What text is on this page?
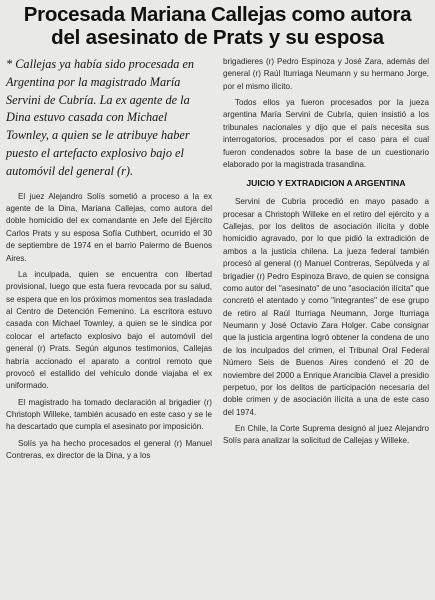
Procesada Mariana Callejas como autora
del asesinato de Prats y su esposa

* Callejas ya había sido procesada en Argentina por la magistrado María Servini de Cubría. La ex agente de la Dina estuvo casada con Michael Townley, a quien se le atribuye haber puesto el artefacto explosivo bajo el automóvil del general (r).

El juez Alejandro Solís sometió a proceso a la ex agente de la Dina, Mariana Callejas, como autora del doble homicidio del ex comandante en Jefe del Ejército Carlos Prats y su esposa Sofía Cuthbert, ocurrido el 30 de septiembre de 1974 en el barrio Palermo de Buenos Aires.

La inculpada, quien se encuentra con libertad provisional, luego que esta fuera revocada por su salud, se espera que en los próximos momentos sea trasladada al Centro de Detención Femenino. La escritora estuvo casada con Michael Townley, a quien se le sindica por colocar el artefacto explosivo bajo el automóvil del general (r) Prats. Según algunos testimonios, Callejas habría accionado el aparato a control remoto que provocó el estallido del vehículo donde viajaba el ex uniformado.

El magistrado ha tomado declaración al brigadier (r) Christoph Willeke, también acusado en este caso y se le ha descartado que cumpla el asesinato por imposición.

Solís ya ha hecho procesados el general (r) Manuel Contreras, ex director de la Dina, y a los

brigadieres (r) Pedro Espinoza y José Zara, además del general (r) Raúl Iturriaga Neumann y su hermano Jorge, por el mismo ilícito.

Todos ellos ya fueron procesados por la jueza argentina María Servini de Cubría, quien insistió a los tribunales nacionales y dijo que el país necesita sus interrogatorios, procesados por el caso para el cual fueron condenados sobre la base de un cuestionario elaborado por la magistrada trasandina.

JUICIO Y EXTRADICION A ARGENTINA

Servini de Cubría procedió en mayo pasado a procesar a Christoph Willeke en el retiro del ejército y a Callejas, por los delitos de asociación ilícita y doble homicidio agravado, por lo que pidió la extradición de ambos a la justicia chilena. La jueza federal también procesó al general (r) Manuel Contreras, Sepúlveda y al brigadier (r) Pedro Espinoza Bravo, de quien se consigna como autor del "asesinato" de uno "asociación ilícita" que concretó el atentado y como "integrantes" de ese grupo de retiro al Raúl Iturriaga Neumann, Jorge Iturriaga Neumann y José Octavio Zara Holger. Cabe consignar que la justicia argentina logró obtener la condena de uno de los inculpados del crimen, el Tribunal Oral Federal Número Seis de Buenos Aires condenó el 20 de noviembre del 2000 a Enrique Arancibia Clavel a presidio perpetuo, por los delitos de participación necesaria del doble crimen y de asociación ilícita a una de este caso del 1974.

En Chile, la Corte Suprema designó al juez Alejandro Solís para analizar la solicitud de Callejas y Willeke.
